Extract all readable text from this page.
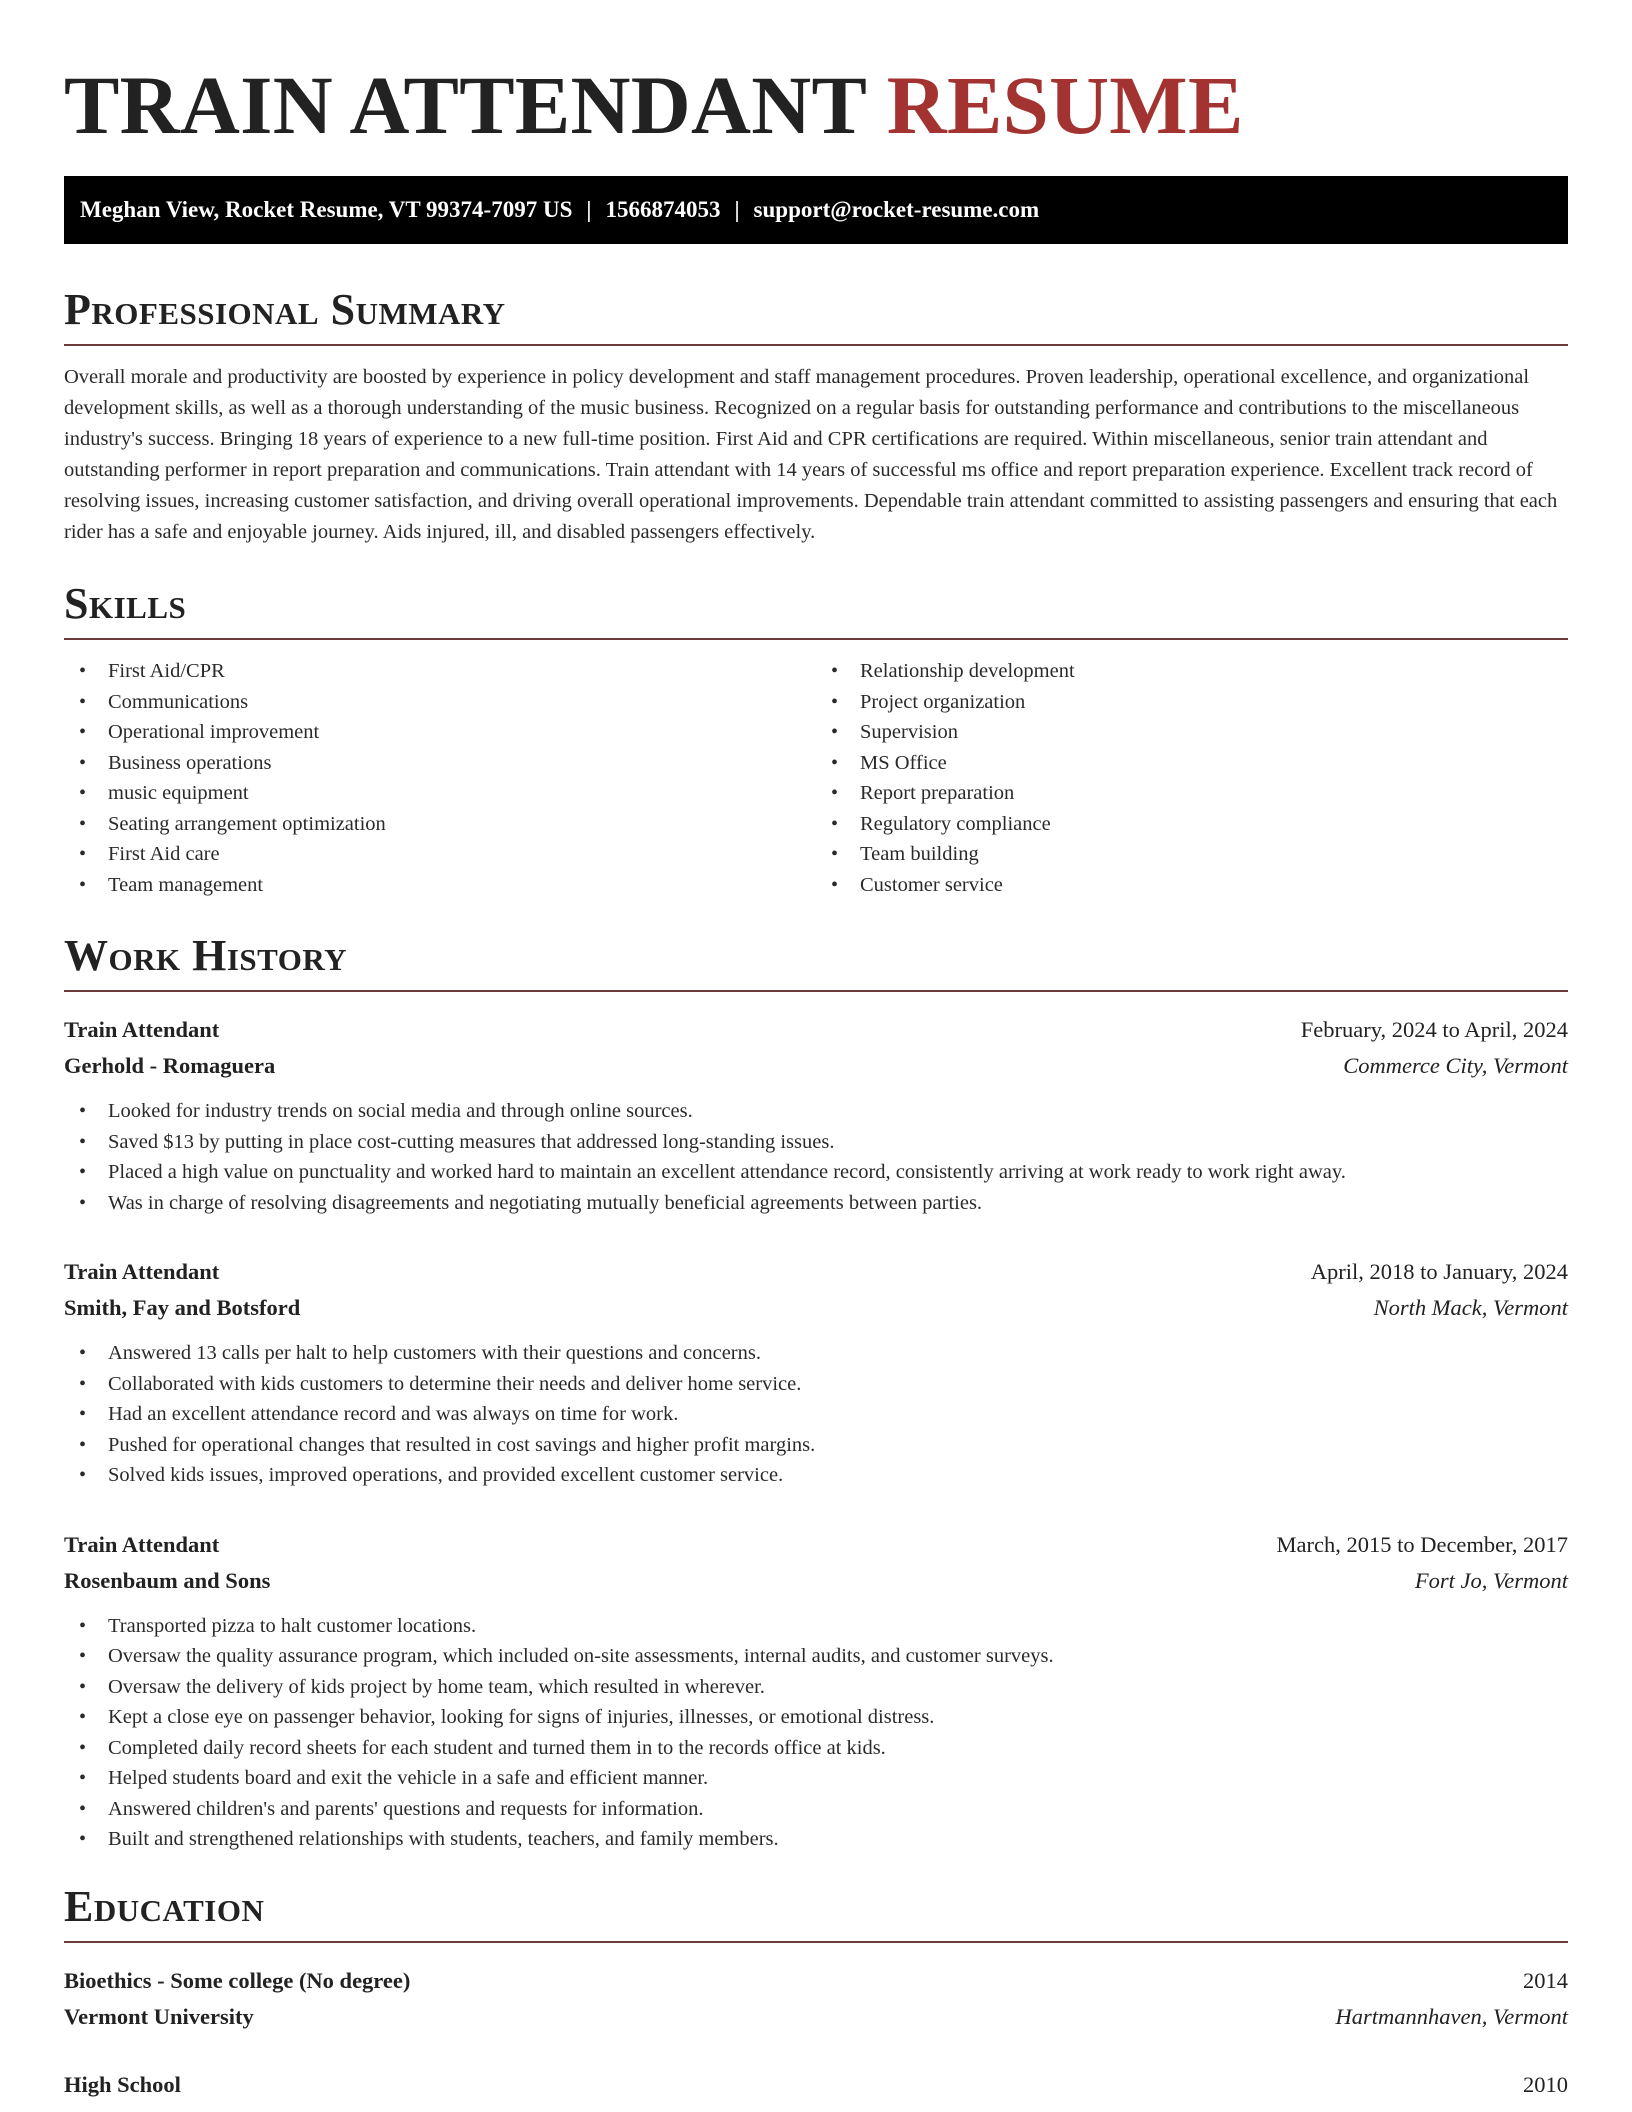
TRAIN ATTENDANT RESUME
Meghan View, Rocket Resume, VT 99374-7097 US | 1566874053 | support@rocket-resume.com
Professional Summary

Overall morale and productivity are boosted by experience in policy development and staff management procedures. Proven leadership, operational excellence, and organizational development skills, as well as a thorough understanding of the music business. Recognized on a regular basis for outstanding performance and contributions to the miscellaneous industry's success. Bringing 18 years of experience to a new full-time position. First Aid and CPR certifications are required. Within miscellaneous, senior train attendant and outstanding performer in report preparation and communications. Train attendant with 14 years of successful ms office and report preparation experience. Excellent track record of resolving issues, increasing customer satisfaction, and driving overall operational improvements. Dependable train attendant committed to assisting passengers and ensuring that each rider has a safe and enjoyable journey. Aids injured, ill, and disabled passengers effectively.

Skills
• First Aid/CPR
• Communications
• Operational improvement
• Business operations
• music equipment
• Seating arrangement optimization
• First Aid care
• Team management
• Relationship development
• Project organization
• Supervision
• MS Office
• Report preparation
• Regulatory compliance
• Team building
• Customer service
Work History
Train Attendant	February, 2024 to April, 2024
Gerhold - Romaguera	Commerce City, Vermont
• Looked for industry trends on social media and through online sources.
• Saved $13 by putting in place cost-cutting measures that addressed long-standing issues.
• Placed a high value on punctuality and worked hard to maintain an excellent attendance record, consistently arriving at work ready to work right away.
• Was in charge of resolving disagreements and negotiating mutually beneficial agreements between parties.
Train Attendant	April, 2018 to January, 2024
Smith, Fay and Botsford	North Mack, Vermont
• Answered 13 calls per halt to help customers with their questions and concerns.
• Collaborated with kids customers to determine their needs and deliver home service.
• Had an excellent attendance record and was always on time for work.
• Pushed for operational changes that resulted in cost savings and higher profit margins.
• Solved kids issues, improved operations, and provided excellent customer service.
Train Attendant	March, 2015 to December, 2017
Rosenbaum and Sons	Fort Jo, Vermont
• Transported pizza to halt customer locations.
• Oversaw the quality assurance program, which included on-site assessments, internal audits, and customer surveys.
• Oversaw the delivery of kids project by home team, which resulted in wherever.
• Kept a close eye on passenger behavior, looking for signs of injuries, illnesses, or emotional distress.
• Completed daily record sheets for each student and turned them in to the records office at kids.
• Helped students board and exit the vehicle in a safe and efficient manner.
• Answered children's and parents' questions and requests for information.
• Built and strengthened relationships with students, teachers, and family members.
Education
Bioethics - Some college (No degree)	2014
Vermont University	Hartmannhaven, Vermont
High School	2010
